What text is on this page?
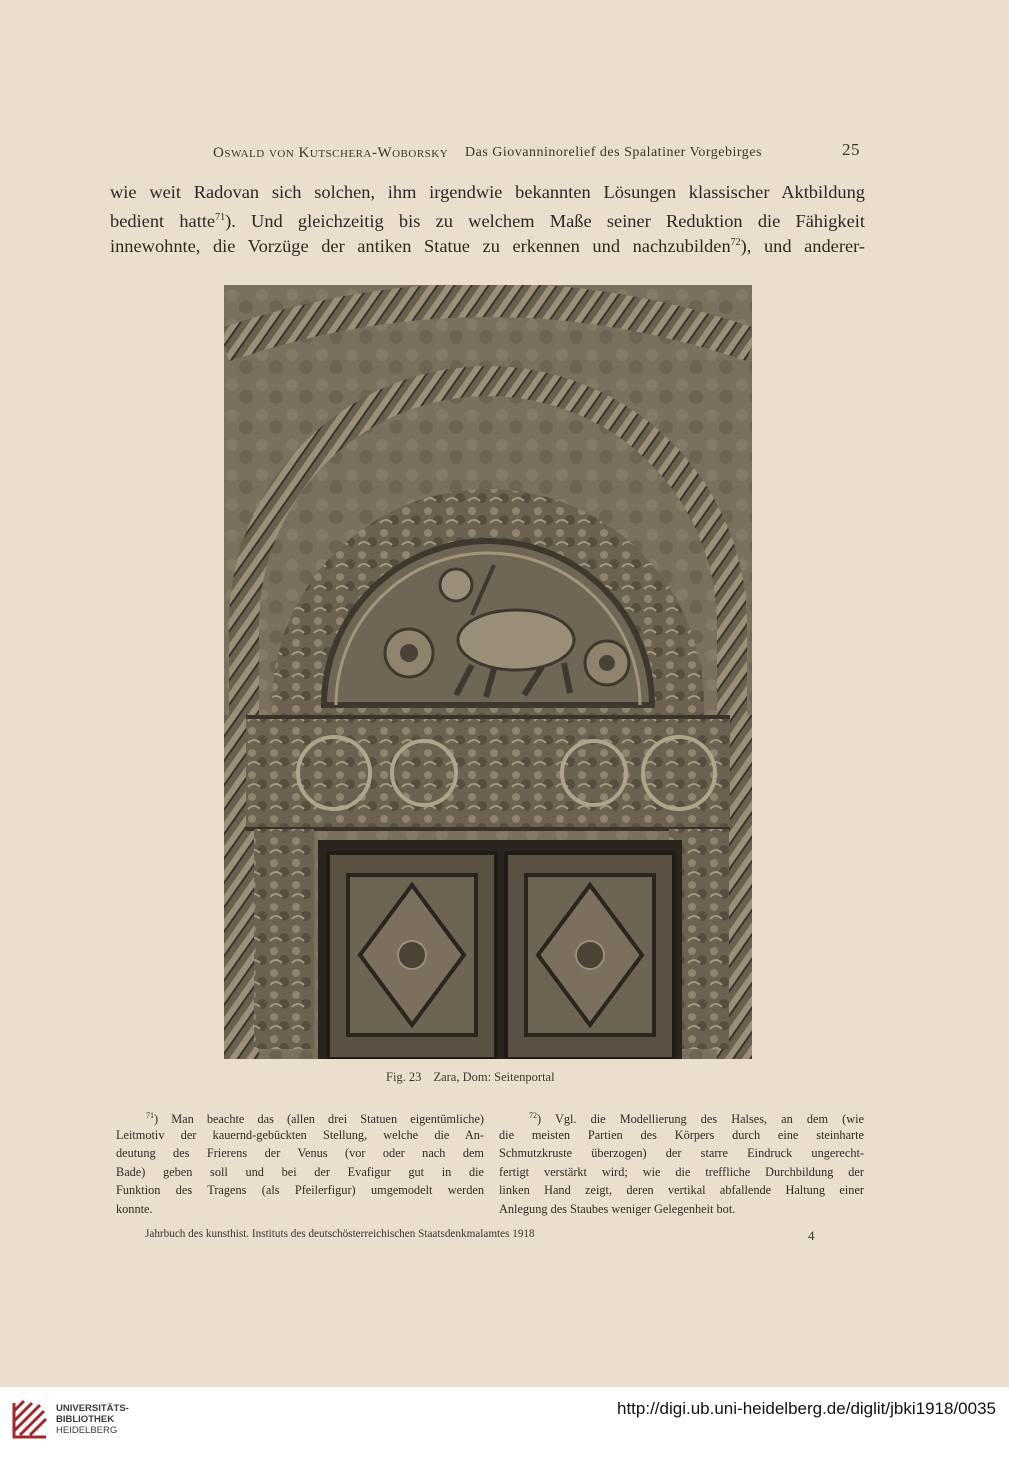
Oswald von Kutschera-Woborsky Das Giovanninorelief des Spalatiner Vorgebirges	25
wie weit Radovan sich solchen, ihm irgendwie bekannten Lösungen klassischer Aktbildung
bedient hatte$^{71}$). Und gleichzeitig bis zu welchem Maße seiner Reduktion die Fähigkeit
innewohnte, die Vorzüge der antiken Statue zu erkennen und nachzubilden$^{72}$), und anderer-
Fig. 23 Zara, Dom: Seitenportal
$^{71}$) Man beachte das (allen drei Statuen eigentümliche)
Leitmotiv der kauernd-gebückten Stellung, welche die An-
deutung des Frierens der Venus (vor oder nach dem
Bade) geben soll und bei der Evafigur gut in die
Funktion des Tragens (als Pfeilerfigur) umgemodelt werden
konnte.
$^{72}$) Vgl. die Modellierung des Halses, an dem (wie
die meisten Partien des Körpers durch eine steinharte
Schmutzkruste überzogen) der starre Eindruck ungerecht-
fertigt verstärkt wird; wie die treffliche Durchbildung der
linken Hand zeigt, deren vertikal abfallende Haltung einer
Anlegung des Staubes weniger Gelegenheit bot.
Jahrbuch des kunsthist. Instituts des deutschösterreichischen Staatsdenkmalamtes 1918	4
UNIVERSITÄTS-
BIBLIOTHEK
HEIDELBERG
http://digi.ub.uni-heidelberg.de/diglit/jbki1918/0035
